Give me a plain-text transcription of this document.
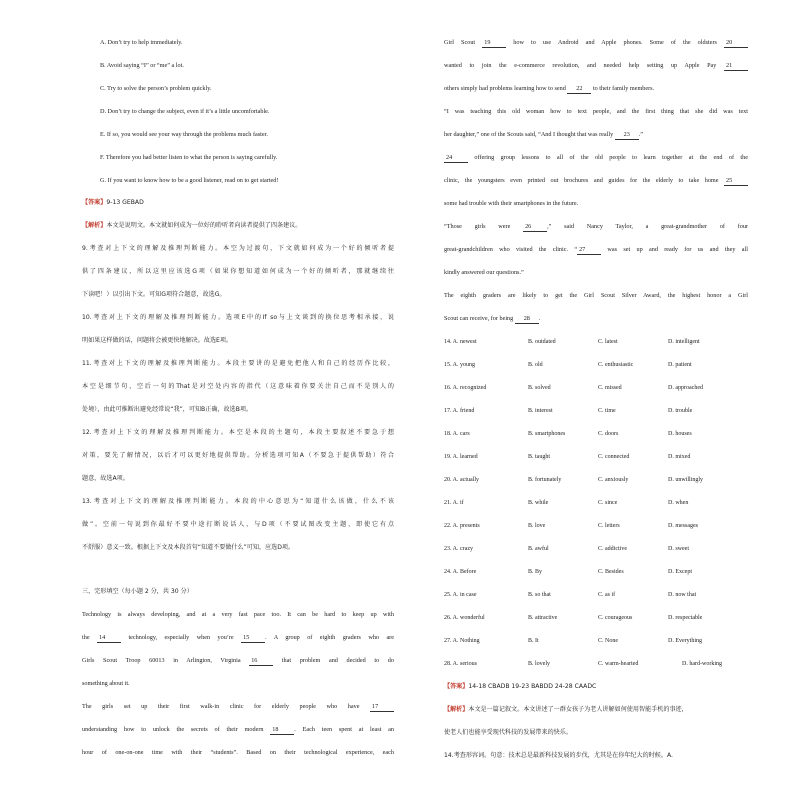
A. Don’t try to help immediately.
B. Avoid saying “I” or “me” a lot.
C. Try to solve the person’s problem quickly.
D. Don’t try to change the subject, even if it’s a little uncomfortable.
E. If so, you would see your way through the problems much faster.
F. Therefore you had better listen to what the person is saying carefully.
G. If you want to know how to be a good listener, read on to get started!
【答案】9-13 GEBAD
【解析】本文是说明文。本文就如何成为一位好的聆听者向读者提供了四条建议。
9.考查对上下文的理解及推理判断能力。本空为过渡句，下文就如何成为一个好的倾听者提
供了四条建议，所以这里应该选G项（如果你想知道如何成为一个好的倾听者，那就继续往
下读吧！）以引出下文。可知G项符合题意，故选G。
10.考查对上下文的理解及推理判断能力。选项E中的If so与上文谈到的换位思考相承接，说
明如果这样做的话，问题将会被更快地解决。故选E项。
11.考查对上下文的理解及推理判断能力。本段主要讲的是避免把他人和自己的经历作比较，
本空是细节句，空后一句的That是对空处内容的指代（这意味着你要关注自己而不是别人的
处境），由此可推断出避免经常说“我”，可知B正确，故选B项。
12.考查对上下文的理解及推理判断能力。本空是本段的主题句，本段主要叙述不要急于想
对策，要先了解情况，以后才可以更好地提供帮助。分析选项可知A（不要急于提供帮助）符合
题意，故选A项。
13.考查对上下文的理解及推理判断能力。本段的中心意思为“知道什么该做，什么不该
做”。空前一句说到你最好不要中途打断说话人，与D项（不要试图改变主题，即使它有点
不舒服）意义一致。根据上下文及本段首句“知道不要做什么”可知，应选D项。
三、完形填空（每小题 2 分，共 30 分）
Technology is always developing, and at a very fast pace too. It can be hard to keep up with
the 14	technology, especially when you’re 15	. A group of eighth graders who are
Girls Scout Troop 60013 in Arlington, Virginia 16	that problem and decided to do
something about it.
The girls set up their first walk-in clinic for elderly people who have 17
understanding how to unlock the secrets of their modern 18	. Each teen spent at least an
hour of one-on-one time with their “students”. Based on their technological experience, each
Girl Scout 19	how to use Android and Apple phones. Some of the oldsters 20
wanted to join the e-commerce revolution, and needed help setting up Apple Pay 21
others simply had problems learning how to send 22 to their family members.
“I was teaching this old woman how to text people, and the first thing that she did was text
her daughter,” one of the Scouts said, “And I thought that was really 23 .”
24	offering group lessons to all of the old people to learn together at the end of the
clinic, the youngsters even printed out brochures and guides for the elderly to take home 25
some had trouble with their smartphones in the future.
“Those girls were 26	,” said Nancy Taylor, a great-grandmother of four
great-grandchildren who visited the clinic. “ 27	was set up and ready for us and they all
kindly answered our questions.”
The eighth graders are likely to get the Girl Scout Silver Award, the highest honor a Girl
Scout can receive, for being 28 .
14. A. newest	B. outdated	C. latest	D. intelligent
15. A. young	B. old	C. enthusiastic	D. patient
16. A. recognized	B. solved	C. missed	D. approached
17. A. friend	B. interest	C. time	D. trouble
18. A. cars	B. smartphones	C. doors	D. houses
19. A. learned	B. taught	C. connected	D. mixed
20. A. actually	B. fortunately	C. anxiously	D. unwillingly
21. A. if	B. while	C. since	D. when
22. A. presents	B. love	C. letters	D. messages
23. A. crazy	B. awful	C. addictive	D. sweet
24. A. Before	B. By	C. Besides	D. Except
25. A. in case	B. so that	C. as if	D. now that
26. A. wonderful	B. attractive	C. courageous	D. respectable
27. A. Nothing	B. It	C. None	D. Everything
28. A. serious	B. lovely	C. warm-hearted	D. hard-working
【答案】14-18 CBADB 19-23 BABDD 24-28 CAADC
【解析】本文是一篇记叙文。本文讲述了一群女孩子为老人讲解如何使用智能手机的事迹，
使老人们也能享受现代科技的发展带来的快乐。
14.考查形容词。句意：技术总是最新科技发展的步伐，尤其是在你年纪大的时候。A.
